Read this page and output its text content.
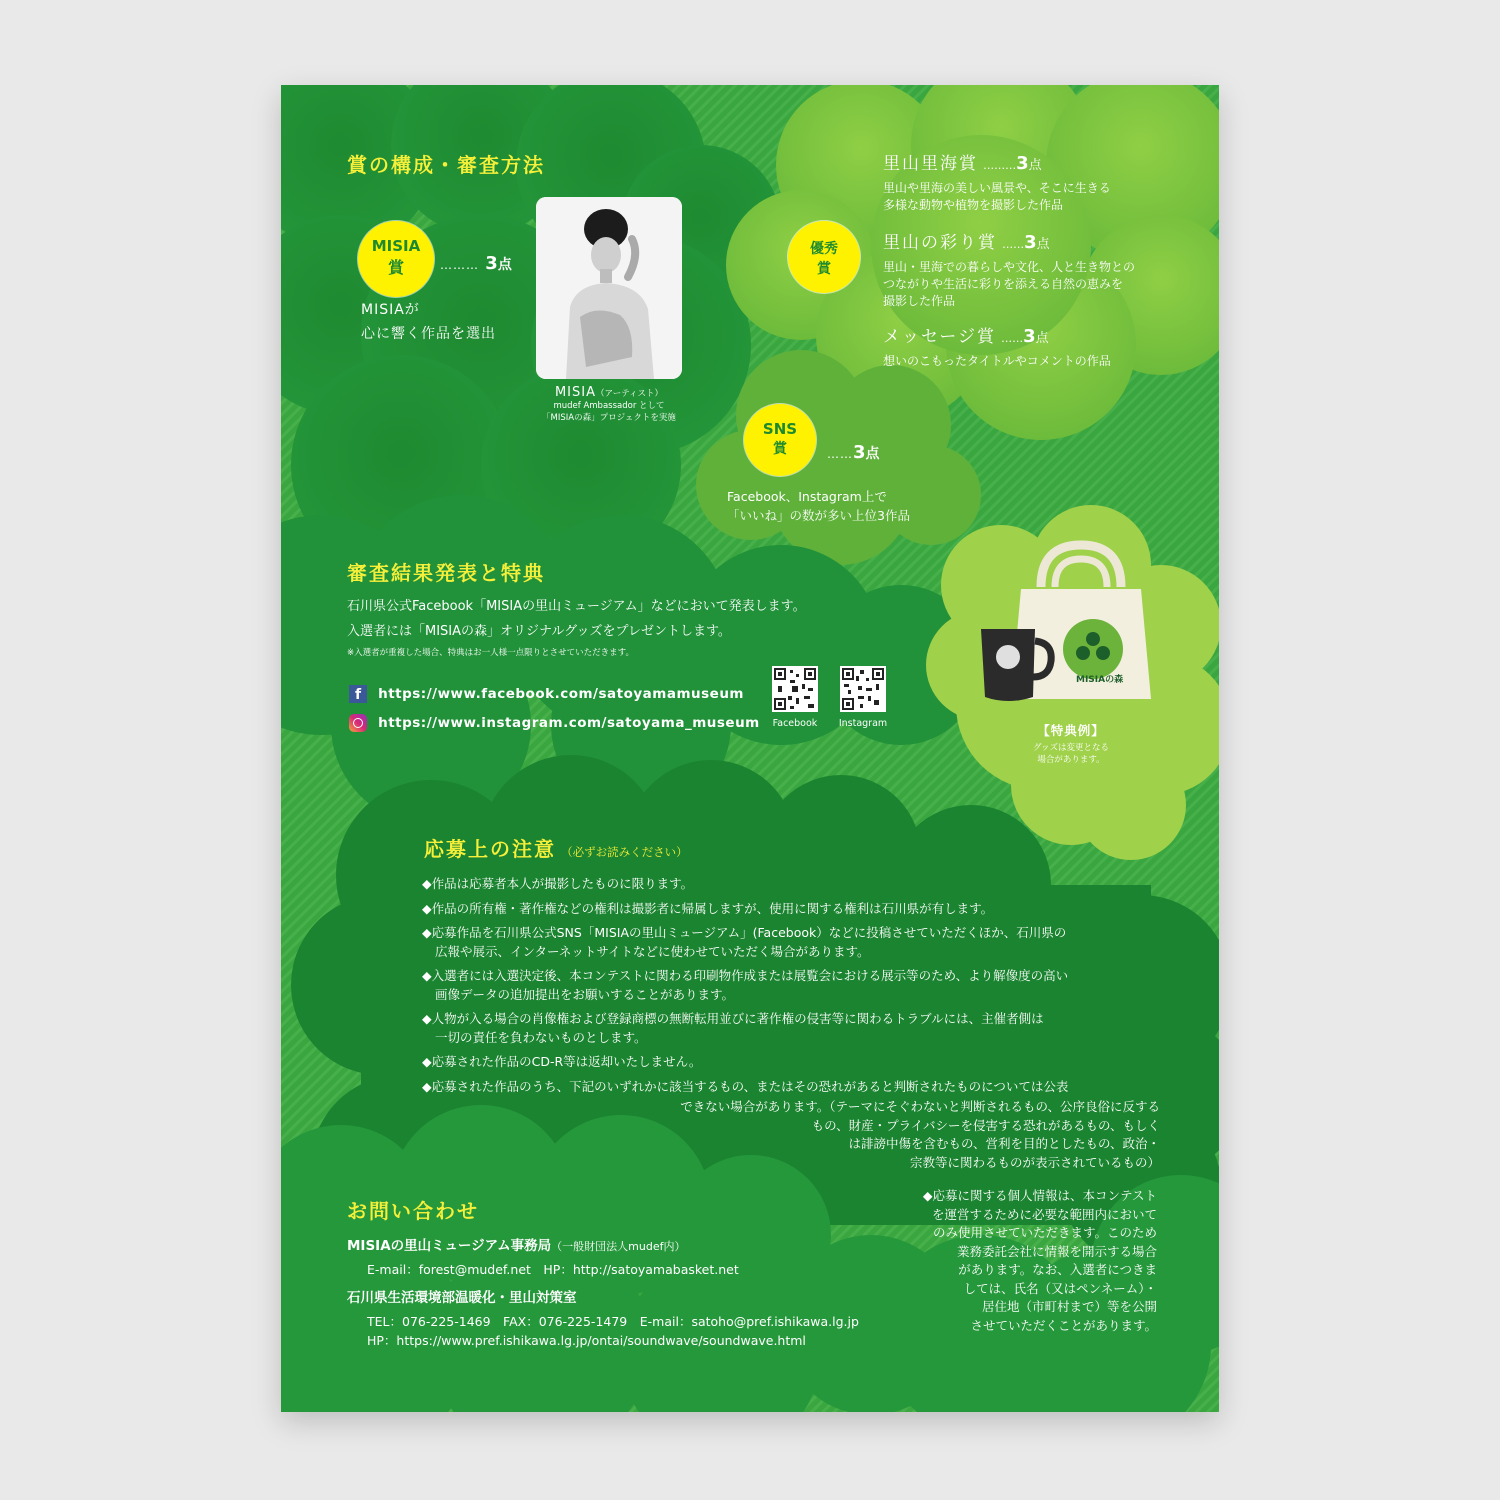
賞の構成・審査方法
MISIA
賞	……… 3点
MISIAが
心に響く作品を選出
MISIA（アーティスト）
mudef Ambassador として
「MISIAの森」プロジェクトを実施
優秀
賞
里山里海賞 ………3点
里山や里海の美しい風景や、そこに生きる
多様な動物や植物を撮影した作品
里山の彩り賞 ……3点
里山・里海での暮らしや文化、人と生き物との
つながりや生活に彩りを添える自然の恵みを
撮影した作品
メッセージ賞 ……3点
想いのこもったタイトルやコメントの作品
SNS
賞	……3点
Facebook、Instagram上で
「いいね」の数が多い上位3作品
審査結果発表と特典
石川県公式Facebook「MISIAの里山ミュージアム」などにおいて発表します。
入選者には「MISIAの森」オリジナルグッズをプレゼントします。
※入選者が重複した場合、特典はお一人様一点限りとさせていただきます。
f https://www.facebook.com/satoyamamuseum
https://www.instagram.com/satoyama_museum	Facebook	Instagram
MISIAの森
【特典例】
グッズは変更となる
場合があります。
応募上の注意 （必ずお読みください）

◆作品は応募者本人が撮影したものに限ります。

◆作品の所有権・著作権などの権利は撮影者に帰属しますが、使用に関する権利は石川県が有します。

◆応募作品を石川県公式SNS「MISIAの里山ミュージアム」(Facebook）などに投稿させていただくほか、石川県の
広報や展示、インターネットサイトなどに使わせていただく場合があります。

◆入選者には入選決定後、本コンテストに関わる印刷物作成または展覧会における展示等のため、より解像度の高い
画像データの追加提出をお願いすることがあります。

◆人物が入る場合の肖像権および登録商標の無断転用並びに著作権の侵害等に関わるトラブルには、主催者側は
一切の責任を負わないものとします。

◆応募された作品のCD-R等は返却いたしません。

◆応募された作品のうち、下記のいずれかに該当するもの、またはその恐れがあると判断されたものについては公表

できない場合があります。（テーマにそぐわないと判断されるもの、公序良俗に反する
もの、財産・プライバシーを侵害する恐れがあるもの、もしく
は誹謗中傷を含むもの、営利を目的としたもの、政治・
宗教等に関わるものが表示されているもの）
◆応募に関する個人情報は、本コンテスト
を運営するために必要な範囲内において
のみ使用させていただきます。このため
業務委託会社に情報を開示する場合
があります。なお、入選者につきま
しては、氏名（又はペンネーム）・
居住地（市町村まで）等を公開
させていただくことがあります。
お問い合わせ
MISIAの里山ミュージアム事務局（一般財団法人mudef内）
E-mail：forest@mudef.net　HP：http://satoyamabasket.net
石川県生活環境部温暖化・里山対策室
TEL：076-225-1469　FAX：076-225-1479　E-mail：satoho@pref.ishikawa.lg.jp
HP：https://www.pref.ishikawa.lg.jp/ontai/soundwave/soundwave.html
